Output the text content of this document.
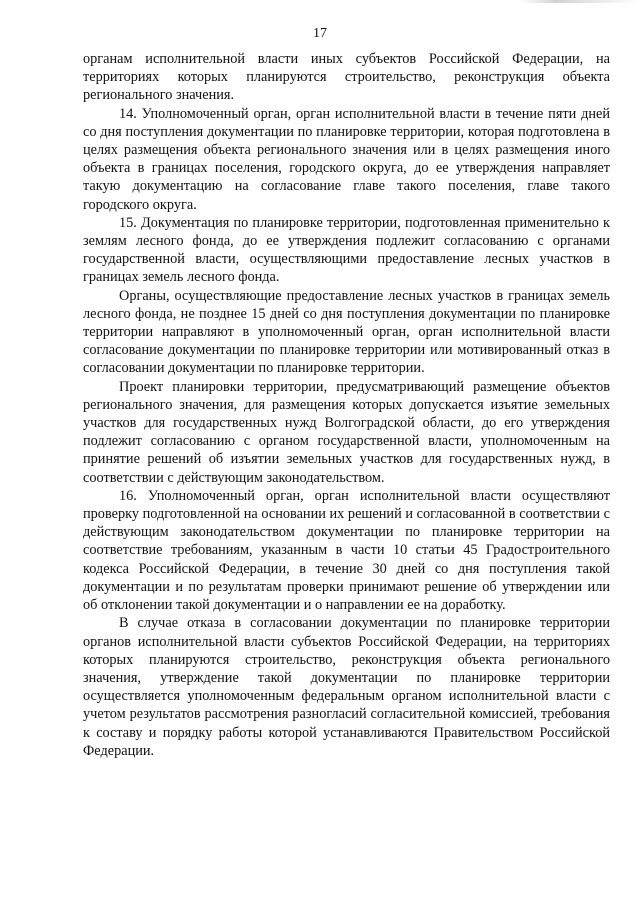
17

органам исполнительной власти иных субъектов Российской Федерации, на территориях которых планируются строительство, реконструкция объекта регионального значения.

14. Уполномоченный орган, орган исполнительной власти в течение пяти дней со дня поступления документации по планировке территории, которая подготовлена в целях размещения объекта регионального значения или в целях размещения иного объекта в границах поселения, городского округа, до ее утверждения направляет такую документацию на согласование главе такого поселения, главе такого городского округа.

15. Документация по планировке территории, подготовленная применительно к землям лесного фонда, до ее утверждения подлежит согласованию с органами государственной власти, осуществляющими предоставление лесных участков в границах земель лесного фонда.

Органы, осуществляющие предоставление лесных участков в границах земель лесного фонда, не позднее 15 дней со дня поступления документации по планировке территории направляют в уполномоченный орган, орган исполнительной власти согласование документации по планировке территории или мотивированный отказ в согласовании документации по планировке территории.

Проект планировки территории, предусматривающий размещение объектов регионального значения, для размещения которых допускается изъятие земельных участков для государственных нужд Волгоградской области, до его утверждения подлежит согласованию с органом государственной власти, уполномоченным на принятие решений об изъятии земельных участков для государственных нужд, в соответствии с действующим законодательством.

16. Уполномоченный орган, орган исполнительной власти осуществляют проверку подготовленной на основании их решений и согласованной в соответствии с действующим законодательством документации по планировке территории на соответствие требованиям, указанным в части 10 статьи 45 Градостроительного кодекса Российской Федерации, в течение 30 дней со дня поступления такой документации и по результатам проверки принимают решение об утверждении или об отклонении такой документации и о направлении ее на доработку.

В случае отказа в согласовании документации по планировке территории органов исполнительной власти субъектов Российской Федерации, на территориях которых планируются строительство, реконструкция объекта регионального значения, утверждение такой документации по планировке территории осуществляется уполномоченным федеральным органом исполнительной власти с учетом результатов рассмотрения разногласий согласительной комиссией, требования к составу и порядку работы которой устанавливаются Правительством Российской Федерации.
